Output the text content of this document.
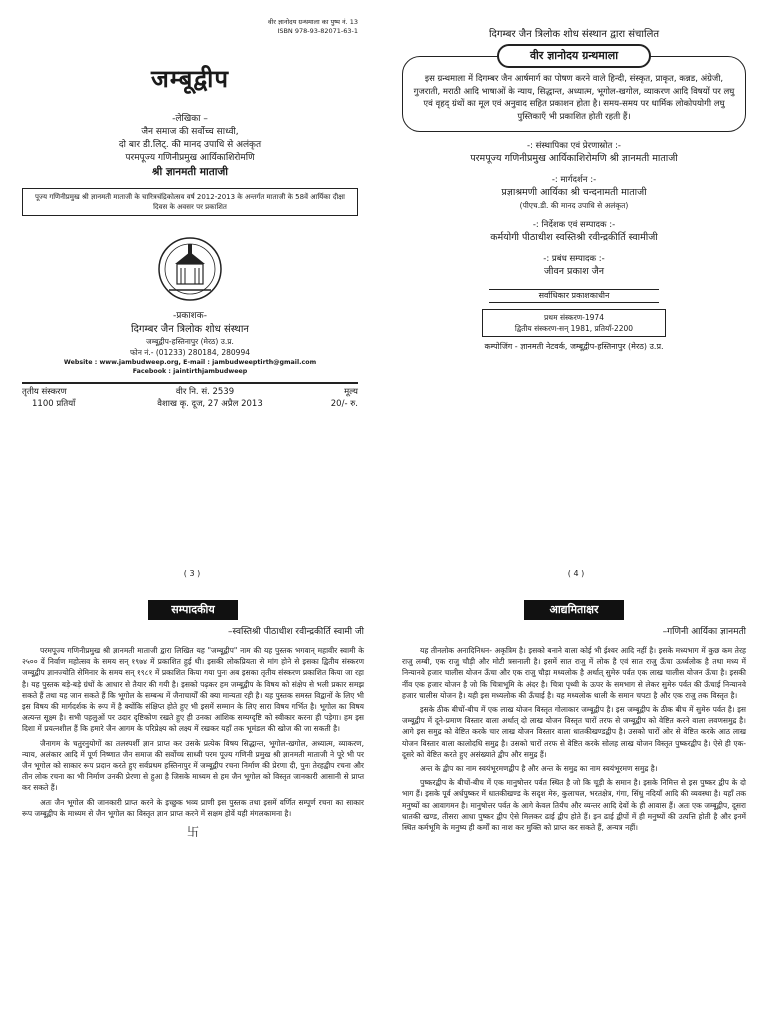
वीर ज्ञानोदय ग्रन्थमाला का पुष्प नं. 13
ISBN 978-93-82071-63-1
जम्बूद्वीप
-लेखिका –
जैन समाज की सर्वोच्च साध्वी,
दो बार डी.लिट्. की मानद उपाधि से अलंकृत
परमपूज्य गणिनीप्रमुख आर्यिकाशिरोमणि
श्री ज्ञानमती माताजी
पूज्य गणिनीप्रमुख श्री ज्ञानमती माताजी के चारित्रचंद्रिकोत्सव वर्ष 2012-2013 के अन्तर्गत माताजी के 58वें आर्यिका दीक्षा दिवस के अवसर पर प्रकाशित
-प्रकाशक-
दिगम्बर जैन त्रिलोक शोध संस्थान
जम्बूद्वीप-हस्तिनापुर (मेरठ) उ.प्र.
फोन नं.- (01233) 280184, 280994
Website : www.jambudweep.org, E-mail : jambudweeptirth@gmail.com
Facebook : jaintirthjambudweep
तृतीय संस्करण	वीर नि. सं. 2539	मूल्य
1100 प्रतियाँ	वैशाख कृ. दूज, 27 अप्रैल 2013	20/- रु.
( 3 )
दिगम्बर जैन त्रिलोक शोध संस्थान द्वारा संचालित
वीर ज्ञानोदय ग्रन्थमाला
इस ग्रन्थमाला में दिगम्बर जैन आर्षमार्ग का पोषण करने वाले हिन्दी, संस्कृत, प्राकृत, कन्नड, अंग्रेजी, गुजराती, मराठी आदि भाषाओं के न्याय, सिद्धान्त, अध्यात्म, भूगोल-खगोल, व्याकरण आदि विषयों पर लघु एवं वृहद् ग्रंथों का मूल एवं अनुवाद सहित प्रकाशन होता है। समय-समय पर धार्मिक लोकोपयोगी लघु पुस्तिकाएँ भी प्रकाशित होती रहती हैं।
-: संस्थापिका एवं प्रेरणास्रोत :-
परमपूज्य गणिनीप्रमुख आर्यिकाशिरोमणि श्री ज्ञानमती माताजी
-: मार्गदर्शन :-
प्रज्ञाश्रमणी आर्यिका श्री चन्दनामती माताजी
(पीएच.डी. की मानद उपाधि से अलंकृत)
-: निर्देशक एवं सम्पादक :-
कर्मयोगी पीठाधीश स्वस्तिश्री रवीन्द्रकीर्ति स्वामीजी
-: प्रबंध सम्पादक :-
जीवन प्रकाश जैन
सर्वाधिकार प्रकाशकाधीन
प्रथम संस्करण-1974
द्वितीय संस्करण-सन् 1981, प्रतियाँ-2200
कम्पोजिंग - ज्ञानमती नेटवर्क, जम्बूद्वीप-हस्तिनापुर (मेरठ) उ.प्र.
( 4 )
सम्पादकीय
–स्वस्तिश्री पीठाधीश रवीन्द्रकीर्ति स्वामी जी

परमपूज्य गणिनीप्रमुख श्री ज्ञानमती माताजी द्वारा लिखित यह "जम्बूद्वीप" नाम की यह पुस्तक भगवान् महावीर स्वामी के २५०० वें निर्वाण महोत्सव के समय सन् १९७४ में प्रकाशित हुई थी। इसकी लोकप्रियता से मांग होने से इसका द्वितीय संस्करण जम्बूद्वीप ज्ञानज्योति सेमिनार के समय सन् १९८१ में प्रकाशित किया गया पुनः अब इसका तृतीय संस्करण प्रकाशित किया जा रहा है। यह पुस्तक बड़े-बड़े ग्रंथों के आधार से तैयार की गयी है। इसको पढ़कर हम जम्बूद्वीप के विषय को संक्षेप से भली प्रकार समझ सकते हैं तथा यह जान सकते हैं कि भूगोल के सम्बन्ध में जैनाचार्यों की क्या मान्यता रही है। यह पुस्तक समस्त विद्वानों के लिए भी इस विषय की मार्गदर्शक के रूप में है क्योंकि संक्षिप्त होते हुए भी इसमें सम्मान के लिए सारा विषय गर्भित है। भूगोल का विषय अत्यन्त सूक्ष्म है। सभी पहलुओं पर उदार दृष्टिकोण रखते हुए ही उनका आंशिक सम्यग्दृष्टि को स्वीकार करना ही पड़ेगा। हम इस दिशा में प्रयत्नशील हैं कि हमारे जैन आगम के परिप्रेक्ष्य को लक्ष्य में रखकर यहाँ तक भूमंडल की खोज की जा सकती है।

जैनागम के चतुरनुयोगों का तलस्पर्शी ज्ञान प्राप्त कर उसके प्रत्येक विषय सिद्धान्त, भूगोल-खगोल, अध्यात्म, व्याकरण, न्याय, अलंकार आदि में पूर्ण निष्णात जैन समाज की सर्वोच्च साध्वी परम पूज्य गणिनी प्रमुख श्री ज्ञानमती माताजी ने पूरे भी पर जैन भूगोल को साकार रूप प्रदान करते हुए सर्वप्रथम हस्तिनापुर में जम्बूद्वीप रचना निर्माण की प्रेरणा दी, पुनः तेरहद्वीप रचना और तीन लोक रचना का भी निर्माण उनकी प्रेरणा से हुआ है जिसके माध्यम से हम जैन भूगोल को विस्तृत जानकारी आसानी से प्राप्त कर सकते हैं।

अतः जैन भूगोल की जानकारी प्राप्त करने के इच्छुक भव्य प्राणी इस पुस्तक तथा इसमें वर्णित सम्पूर्ण रचना का साकार रूप जम्बूद्वीप के माध्यम से जैन भूगोल का विस्तृत ज्ञान प्राप्त करने में सक्षम होवें यही मंगलकामना है।

卐
आद्यमिताक्षर
–गणिनी आर्यिका ज्ञानमती

यह तीनलोक अनादिनिधन- अकृत्रिम है। इसको बनाने वाला कोई भी ईश्वर आदि नहीं है। इसके मध्यभाग में कुछ कम तेरह राजु लम्बी, एक राजु चौड़ी और मोटी त्रसनाली है। इसमें सात राजु में लोक है एवं सात राजु ऊँचा ऊर्ध्वलोक है तथा मध्य में निन्यानवे हजार चालीस योजन ऊँचा और एक राजु चौड़ा मध्यलोक है अर्थात् सुमेरु पर्वत एक लाख चालीस योजन ऊँचा है। इसकी नींव एक हजार योजन है जो कि चित्राभूमि के अंदर है। चित्रा पृथ्वी के ऊपर के समभाग से लेकर सुमेरु पर्वत की ऊँचाई निन्यानवे हजार चालीस योजन है। यही इस मध्यलोक की ऊँचाई है। यह मध्यलोक थाली के समान चपटा है और एक राजु तक विस्तृत है।

इसके ठीक बीचों-बीच में एक लाख योजन विस्तृत गोलाकार जम्बूद्वीप है। इस जम्बूद्वीप के ठीक बीच में सुमेरु पर्वत है। इस जम्बूद्वीप में दूने-प्रमाण विस्तार वाला अर्थात् दो लाख योजन विस्तृत चारों तरफ से जम्बूद्वीप को वेष्टित करने वाला लवणसमुद्र है। आगे इस समुद्र को वेष्टित करके चार लाख योजन विस्तार वाला धातकीखण्डद्वीप है। उसको चारों ओर से वेष्टित करके आठ लाख योजन विस्तार वाला कालोदधि समुद्र है। उसको चारों तरफ से वेष्टित करके सोलह लाख योजन विस्तृत पुष्करद्वीप है। ऐसे ही एक-दूसरे को वेष्टित करते हुए असंख्याते द्वीप और समुद्र हैं।

अन्त के द्वीप का नाम स्वयंभूरमणद्वीप है और अन्त के समुद्र का नाम स्वयंभूरमण समुद्र है।

पुष्करद्वीप के बीचों-बीच में एक मानुषोत्तर पर्वत स्थित है जो कि चूड़ी के समान है। इसके निमित्त से इस पुष्कर द्वीप के दो भाग हैं। इसके पूर्व अर्धपुष्कर में धातकीखण्ड के सदृश मेरु, कुलाचल, भरतक्षेत्र, गंगा, सिंधु नदियाँ आदि की व्यवस्था है। यहाँ तक मनुष्यों का आवागमन है। मानुषोत्तर पर्वत के आगे केवल तिर्यंच और व्यन्तर आदि देवों के ही आवास हैं। अतः एक जम्बूद्वीप, दूसरा धातकी खण्ड, तीसरा आधा पुष्कर द्वीप ऐसे मिलकर ढाई द्वीप होते हैं। इन ढाई द्वीपों में ही मनुष्यों की उत्पत्ति होती है और इनमें स्थित कर्मभूमि के मनुष्य ही कर्मों का नाश कर मुक्ति को प्राप्त कर सकते हैं, अन्यत्र नहीं।
